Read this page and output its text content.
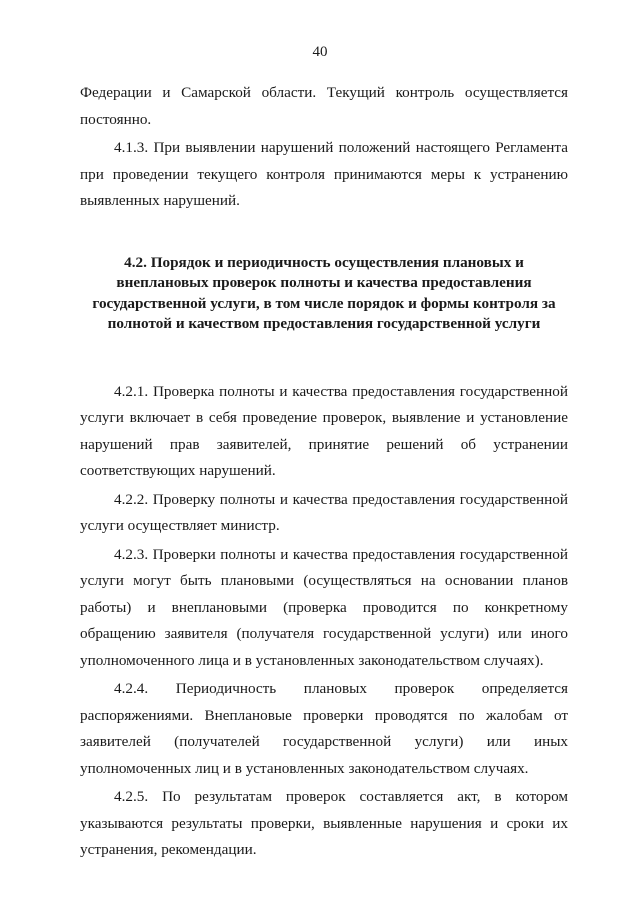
40

Федерации и Самарской области. Текущий контроль осуществляется постоянно.

4.1.3. При выявлении нарушений положений настоящего Регламента при проведении текущего контроля принимаются меры к устранению выявленных нарушений.

4.2. Порядок и периодичность осуществления плановых и
внеплановых проверок полноты и качества предоставления
государственной услуги, в том числе порядок и формы контроля за
полнотой и качеством предоставления государственной услуги

4.2.1. Проверка полноты и качества предоставления государственной услуги включает в себя проведение проверок, выявление и установление нарушений прав заявителей, принятие решений об устранении соответствующих нарушений.

4.2.2. Проверку полноты и качества предоставления государственной услуги осуществляет министр.

4.2.3. Проверки полноты и качества предоставления государственной услуги могут быть плановыми (осуществляться на основании планов работы) и внеплановыми (проверка проводится по конкретному обращению заявителя (получателя государственной услуги) или иного уполномоченного лица и в установленных законодательством случаях).

4.2.4. Периодичность плановых проверок определяется распоряжениями. Внеплановые проверки проводятся по жалобам от заявителей (получателей государственной услуги) или иных уполномоченных лиц и в установленных законодательством случаях.

4.2.5. По результатам проверок составляется акт, в котором указываются результаты проверки, выявленные нарушения и сроки их устранения, рекомендации.
